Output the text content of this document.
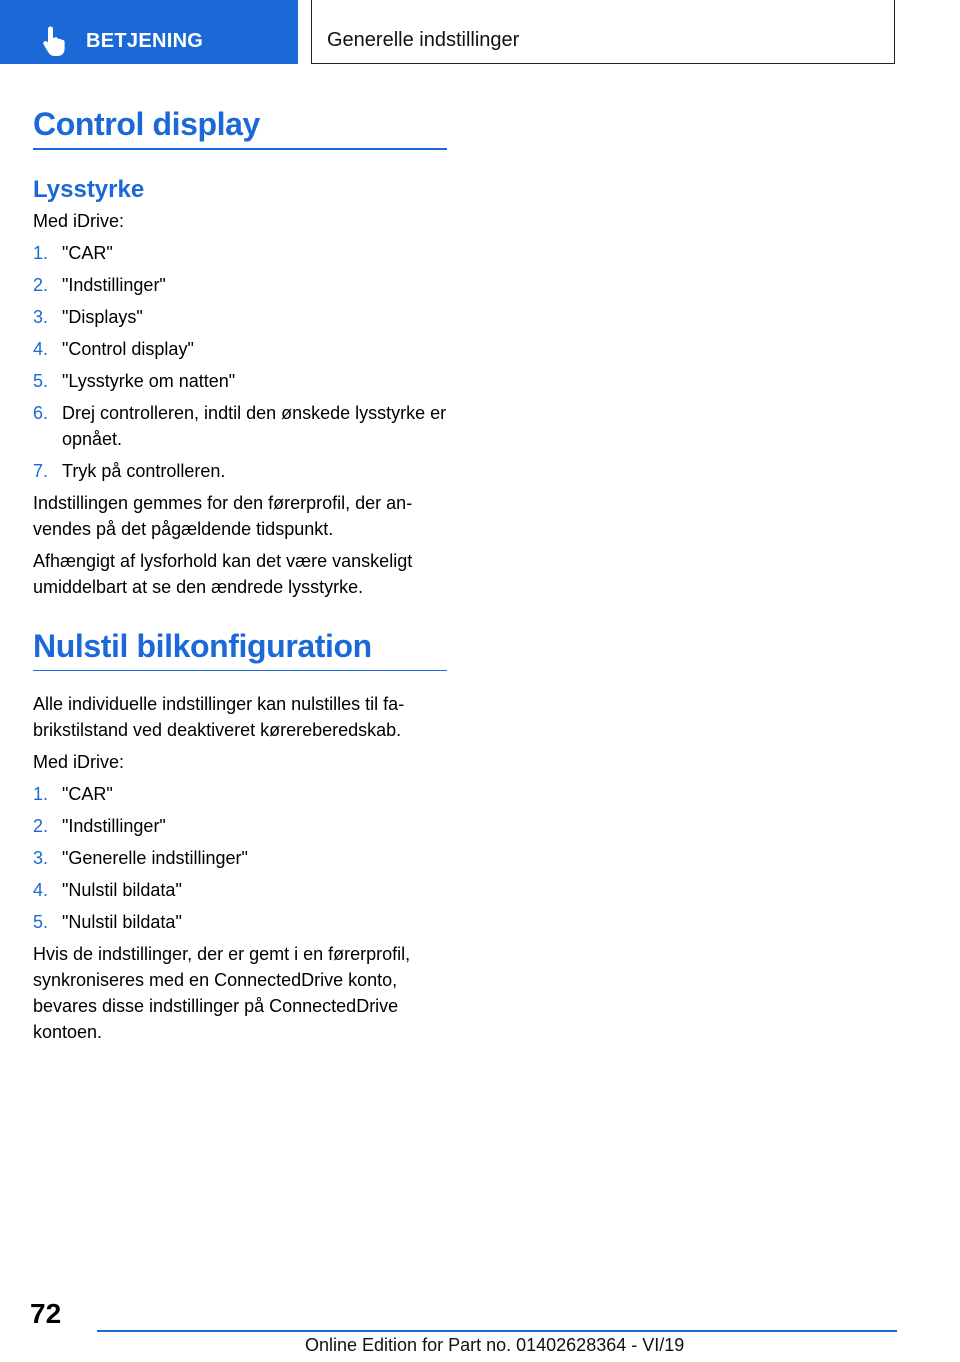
BETJENING	Generelle indstillinger
Control display
Lysstyrke

Med iDrive:

1. "CAR"
2. "Indstillinger"
3. "Displays"
4. "Control display"
5. "Lysstyrke om natten"
6. Drej controlleren, indtil den ønskede lysstyrke er opnået.
7. Tryk på controlleren.

Indstillingen gemmes for den førerprofil, der anvendes på det pågældende tidspunkt.

Afhængigt af lysforhold kan det være vanskeligt umiddelbart at se den ændrede lysstyrke.

Nulstil bilkonfiguration

Alle individuelle indstillinger kan nulstilles til fabrikstilstand ved deaktiveret kørereberedskab.

Med iDrive:

1. "CAR"
2. "Indstillinger"
3. "Generelle indstillinger"
4. "Nulstil bildata"
5. "Nulstil bildata"

Hvis de indstillinger, der er gemt i en førerprofil, synkroniseres med en ConnectedDrive konto, bevares disse indstillinger på ConnectedDrive kontoen.

72
Online Edition for Part no. 01402628364 - VI/19
